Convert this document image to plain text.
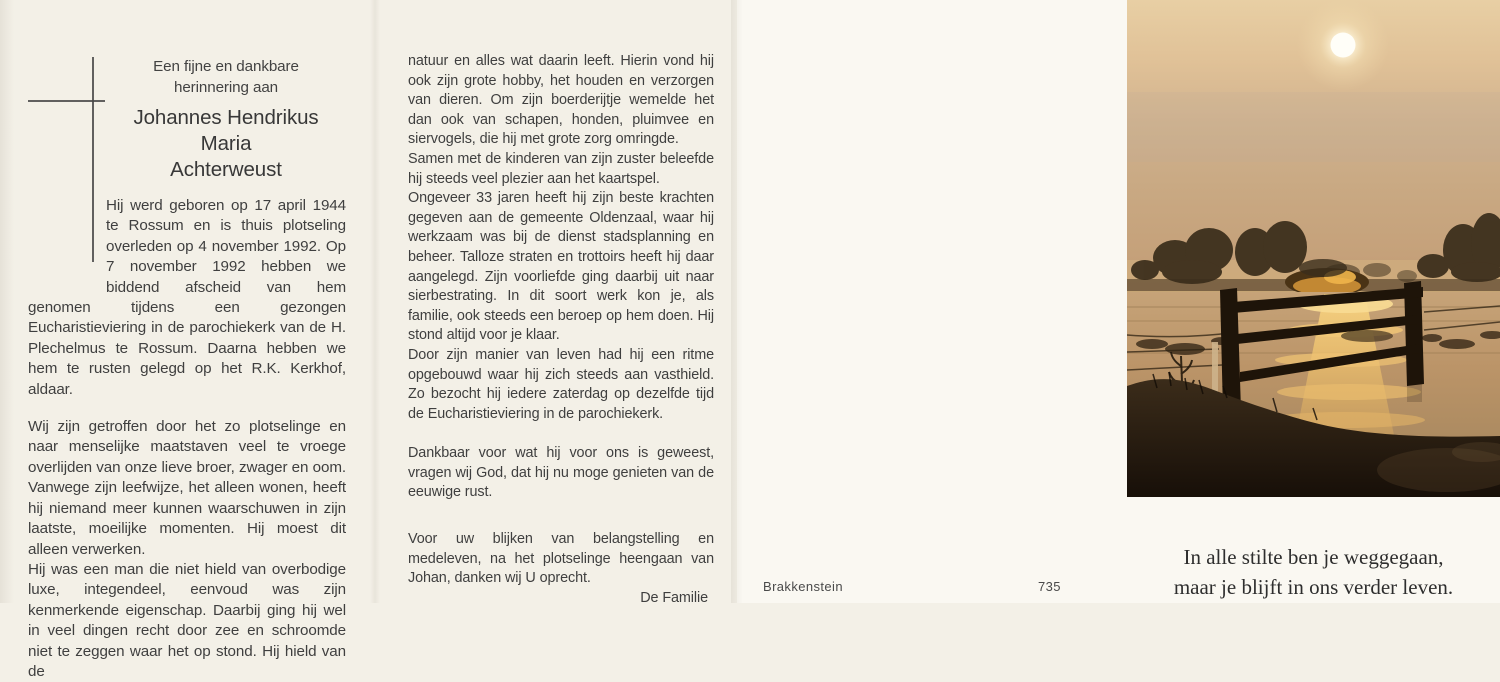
Een fijne en dankbare
herinnering aan

Johannes Hendrikus Maria
Achterweust

Hij werd geboren op 17 april 1944 te Rossum en is thuis plotseling overleden op 4 november 1992. Op 7 november 1992 hebben we biddend afscheid van hem genomen tijdens een gezongen Eucharistieviering in de parochiekerk van de H. Plechelmus te Rossum. Daarna hebben we hem te rusten gelegd op het R.K. Kerkhof, aldaar.

Wij zijn getroffen door het zo plotselinge en naar menselijke maatstaven veel te vroege overlijden van onze lieve broer, zwager en oom. Vanwege zijn leefwijze, het alleen wonen, heeft hij niemand meer kunnen waarschuwen in zijn laatste, moeilijke momenten. Hij moest dit alleen verwerken.

Hij was een man die niet hield van overbodige luxe, integendeel, eenvoud was zijn kenmerkende eigenschap. Daarbij ging hij wel in veel dingen recht door zee en schroomde niet te zeggen waar het op stond. Hij hield van de

natuur en alles wat daarin leeft. Hierin vond hij ook zijn grote hobby, het houden en verzorgen van dieren. Om zijn boerderijtje wemelde het dan ook van schapen, honden, pluimvee en siervogels, die hij met grote zorg omringde.

Samen met de kinderen van zijn zuster beleefde hij steeds veel plezier aan het kaartspel.

Ongeveer 33 jaren heeft hij zijn beste krachten gegeven aan de gemeente Oldenzaal, waar hij werkzaam was bij de dienst stadsplanning en beheer. Talloze straten en trottoirs heeft hij daar aangelegd. Zijn voorliefde ging daarbij uit naar sierbestrating. In dit soort werk kon je, als familie, ook steeds een beroep op hem doen. Hij stond altijd voor je klaar.

Door zijn manier van leven had hij een ritme opgebouwd waar hij zich steeds aan vasthield. Zo bezocht hij iedere zaterdag op dezelfde tijd de Eucharistieviering in de parochiekerk.

Dankbaar voor wat hij voor ons is geweest, vragen wij God, dat hij nu moge genieten van de eeuwige rust.

Voor uw blijken van belangstelling en medeleven, na het plotselinge heengaan van Johan, danken wij U oprecht.

De Familie

Brakkenstein	735

In alle stilte ben je weggegaan,
maar je blijft in ons verder leven.
